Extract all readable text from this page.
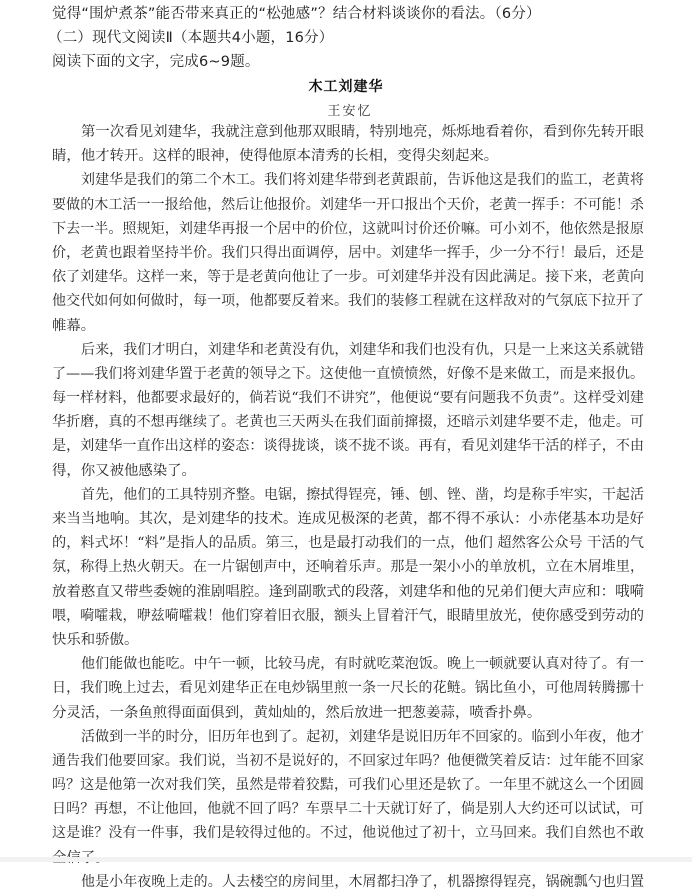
觉得“围炉煮茶”能否带来真正的“松弛感”？结合材料谈谈你的看法。（6分）
（二）现代文阅读Ⅱ（本题共4小题，16分）
阅读下面的文字，完成6~9题。
木工刘建华
王安忆
第一次看见刘建华，我就注意到他那双眼睛，特别地亮，烁烁地看着你，看到你先转开眼
睛，他才转开。这样的眼神，使得他原本清秀的长相，变得尖刻起来。
刘建华是我们的第二个木工。我们将刘建华带到老黄跟前，告诉他这是我们的监工，老黄将
要做的木工活一一报给他，然后让他报价。刘建华一开口报出个天价，老黄一挥手：不可能！杀
下去一半。照规矩，刘建华再报一个居中的价位，这就叫讨价还价嘛。可小刘不，他依然是报原
价，老黄也跟着坚持半价。我们只得出面调停，居中。刘建华一挥手，少一分不行！最后，还是
依了刘建华。这样一来，等于是老黄向他让了一步。可刘建华并没有因此满足。接下来，老黄向
他交代如何如何做时，每一项，他都要反着来。我们的装修工程就在这样敌对的气氛底下拉开了
帷幕。
后来，我们才明白，刘建华和老黄没有仇，刘建华和我们也没有仇，只是一上来这关系就错
了——我们将刘建华置于老黄的领导之下。这使他一直愤愤然，好像不是来做工，而是来报仇。
每一样材料，他都要求最好的，倘若说“我们不讲究”，他便说“要有问题我不负责”。这样受刘建
华折磨，真的不想再继续了。老黄也三天两头在我们面前撺掇，还暗示刘建华要不走，他走。可
是，刘建华一直作出这样的姿态：谈得拢谈，谈不拢不谈。再有，看见刘建华干活的样子，不由
得，你又被他感染了。
首先，他们的工具特别齐整。电锯，擦拭得锃亮，锤、刨、锉、凿，均是称手牢实，干起活
来当当地响。其次，是刘建华的技术。连成见极深的老黄，都不得不承认：小赤佬基本功是好
的，料式坏！“料”是指人的品质。第三，也是最打动我们的一点，他们 超然客公众号 干活的气
氛，称得上热火朝天。在一片锯刨声中，还响着乐声。那是一架小小的单放机，立在木屑堆里，
放着憨直又带些委婉的淮剧唱腔。逢到副歌式的段落，刘建华和他的兄弟们便大声应和：哦嗬
喂，嗬嚯栽，咿兹嗬嚯栽！他们穿着旧衣服，额头上冒着汗气，眼睛里放光，使你感受到劳动的
快乐和骄傲。
他们能做也能吃。中午一顿，比较马虎，有时就吃菜泡饭。晚上一顿就要认真对待了。有一
日，我们晚上过去，看见刘建华正在电炒锅里煎一条一尺长的花鲢。锅比鱼小，可他周转腾挪十
分灵活，一条鱼煎得面面俱到，黄灿灿的，然后放进一把葱姜蒜，喷香扑鼻。
活做到一半的时分，旧历年也到了。起初，刘建华是说旧历年不回家的。临到小年夜，他才
通告我们他要回家。我们说，当初不是说好的，不回家过年吗？他便微笑着反诘：过年能不回家
吗？这是他第一次对我们笑，虽然是带着狡黠，可我们心里还是软了。一年里不就这么一个团圆
日吗？再想，不让他回，他就不回了吗？车票早二十天就订好了，倘是别人大约还可以试试，可
这是谁？没有一件事，我们是较得过他的。不过，他说他过了初十，立马回来。我们自然也不敢
他是小年夜晚上走的。人去楼空的房间里，木屑都扫净了，机器擦得锃亮，锅碗瓢勺也归置
